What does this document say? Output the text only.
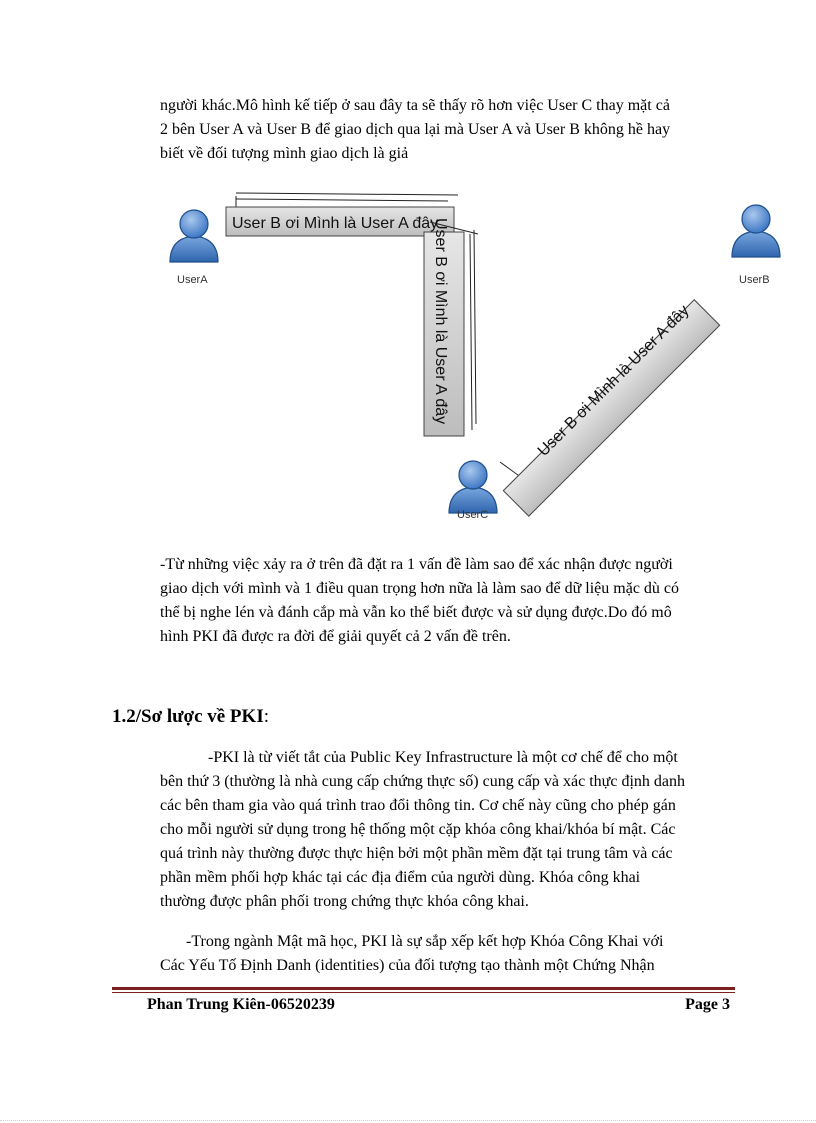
người khác.Mô hình kế tiếp ở sau đây ta sẽ thấy rõ hơn việc User C thay mặt cả
2 bên User A và User B để giao dịch qua lại mà User A và User B không hề hay
biết về đối tượng mình giao dịch là giả
User B ơi Mình là User A đây
User B ơi Mình là User A đây	User B ơi Mình là User A đây
UserA	UserB
UserC
-Từ những việc xảy ra ở trên đã đặt ra 1 vấn đề làm sao để xác nhận được người
giao dịch với mình và 1 điều quan trọng hơn nữa là làm sao để dữ liệu mặc dù có
thể bị nghe lén và đánh cắp mà vẫn ko thể biết được và sử dụng được.Do đó mô
hình PKI đã được ra đời để giải quyết cả 2 vấn đề trên.
1.2/Sơ lược về PKI:
-PKI là từ viết tắt của Public Key Infrastructure là một cơ chế để cho một
bên thứ 3 (thường là nhà cung cấp chứng thực số) cung cấp và xác thực định danh
các bên tham gia vào quá trình trao đổi thông tin. Cơ chế này cũng cho phép gán
cho mỗi người sử dụng trong hệ thống một cặp khóa công khai/khóa bí mật. Các
quá trình này thường được thực hiện bởi một phần mềm đặt tại trung tâm và các
phần mềm phối hợp khác tại các địa điểm của người dùng. Khóa công khai
thường được phân phối trong chứng thực khóa công khai.
-Trong ngành Mật mã học, PKI là sự sắp xếp kết hợp Khóa Công Khai với
Các Yếu Tố Định Danh (identities) của đối tượng tạo thành một Chứng Nhận
Phan Trung Kiên-06520239	Page 3
